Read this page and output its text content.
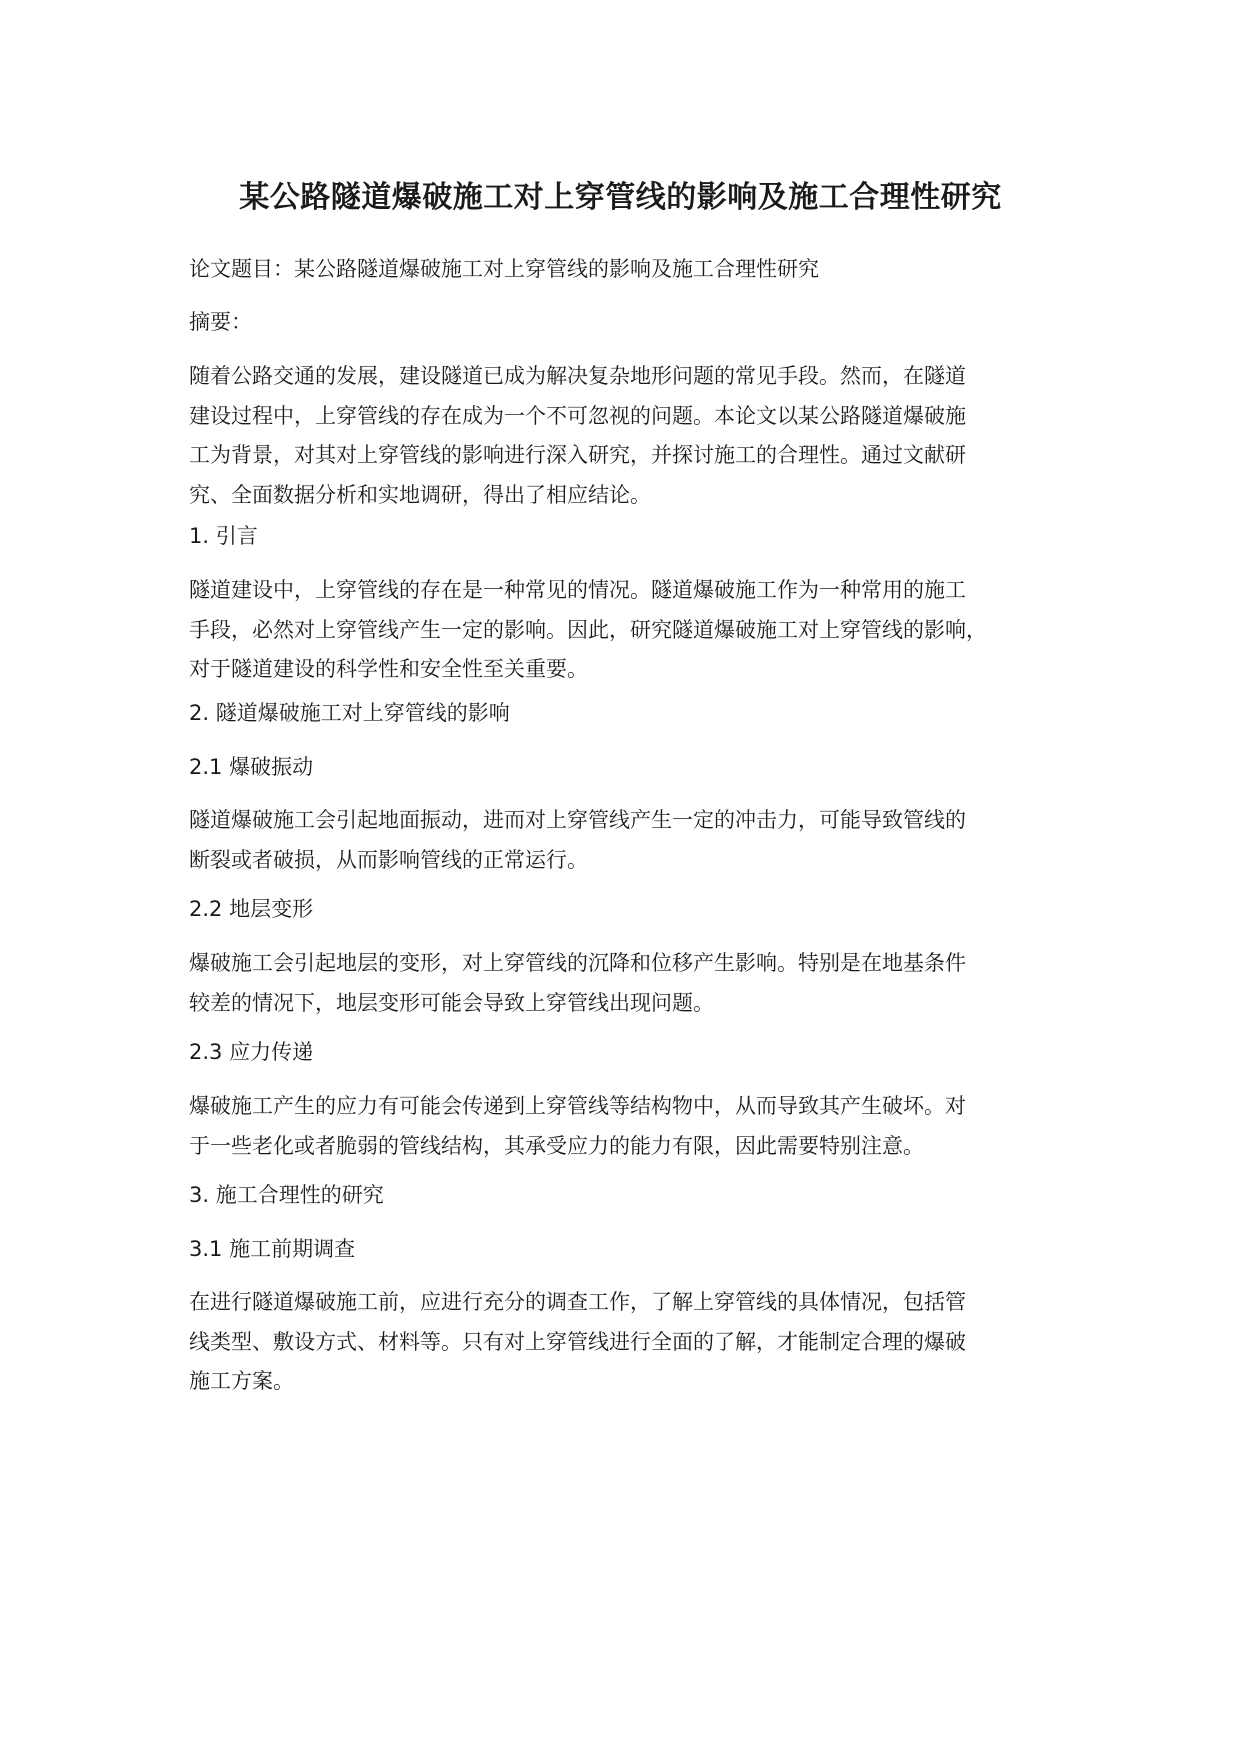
某公路隧道爆破施工对上穿管线的影响及施工合理性研究

论文题目：某公路隧道爆破施工对上穿管线的影响及施工合理性研究

摘要：

随着公路交通的发展，建设隧道已成为解决复杂地形问题的常见手段。然而，在隧道
建设过程中，上穿管线的存在成为一个不可忽视的问题。本论文以某公路隧道爆破施
工为背景，对其对上穿管线的影响进行深入研究，并探讨施工的合理性。通过文献研
究、全面数据分析和实地调研，得出了相应结论。

1. 引言

隧道建设中，上穿管线的存在是一种常见的情况。隧道爆破施工作为一种常用的施工
手段，必然对上穿管线产生一定的影响。因此，研究隧道爆破施工对上穿管线的影响，
对于隧道建设的科学性和安全性至关重要。

2. 隧道爆破施工对上穿管线的影响

2.1 爆破振动

隧道爆破施工会引起地面振动，进而对上穿管线产生一定的冲击力，可能导致管线的
断裂或者破损，从而影响管线的正常运行。

2.2 地层变形

爆破施工会引起地层的变形，对上穿管线的沉降和位移产生影响。特别是在地基条件
较差的情况下，地层变形可能会导致上穿管线出现问题。

2.3 应力传递

爆破施工产生的应力有可能会传递到上穿管线等结构物中，从而导致其产生破坏。对
于一些老化或者脆弱的管线结构，其承受应力的能力有限，因此需要特别注意。

3. 施工合理性的研究

3.1 施工前期调查

在进行隧道爆破施工前，应进行充分的调查工作，了解上穿管线的具体情况，包括管
线类型、敷设方式、材料等。只有对上穿管线进行全面的了解，才能制定合理的爆破
施工方案。
